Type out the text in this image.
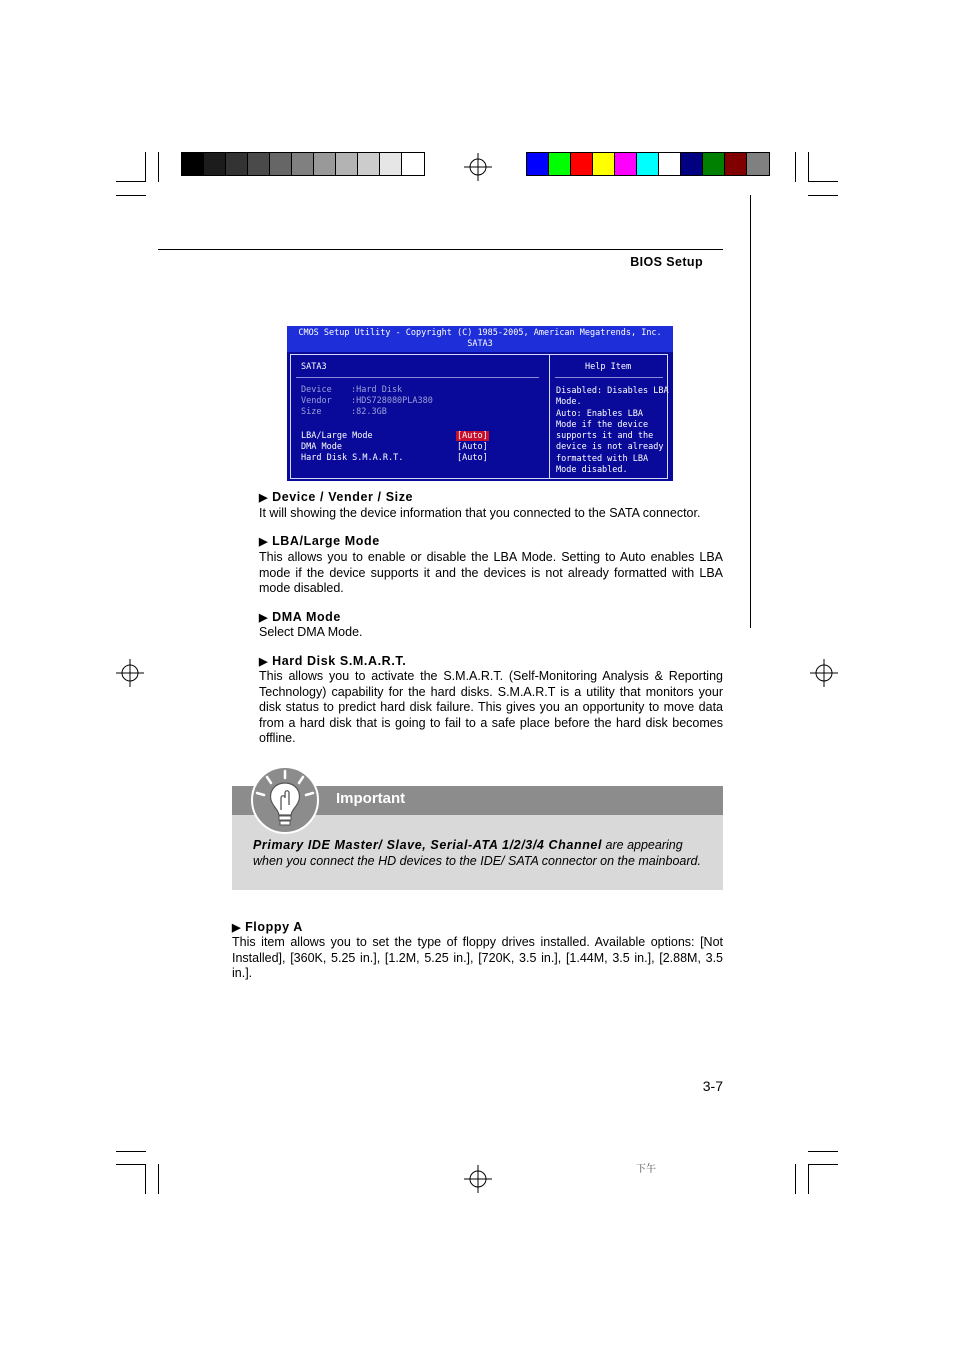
BIOS Setup
CMOS Setup Utility - Copyright (C) 1985-2005, American Megatrends, Inc.
SATA3
SATA3	Help Item
Device :Hard Disk
Vendor :HDS728080PLA380
Size	:82.3GB
LBA/Large Mode	[Auto]
DMA Mode	[Auto]
Hard Disk S.M.A.R.T.	[Auto]
Disabled: Disables LBA
Mode.
Auto: Enables LBA
Mode if the device
supports it and the
device is not already
formatted with LBA
Mode disabled.
▶ Device / Vender / Size
It will showing the device information that you connected to the SATA connector.
▶ LBA/Large Mode
This allows you to enable or disable the LBA Mode. Setting to Auto enables LBA mode if the device supports it and the devices is not already formatted with LBA mode disabled.
▶ DMA Mode
Select DMA Mode.
▶ Hard Disk S.M.A.R.T.
This allows you to activate the S.M.A.R.T. (Self-Monitoring Analysis & Reporting Technology) capability for the hard disks. S.M.A.R.T is a utility that monitors your disk status to predict hard disk failure. This gives you an opportunity to move data from a hard disk that is going to fail to a safe place before the hard disk becomes offline.
Important
Primary IDE Master/ Slave, Serial-ATA 1/2/3/4 Channel are appearing when you connect the HD devices to the IDE/ SATA connector on the mainboard.
▶ Floppy A
This item allows you to set the type of floppy drives installed. Available options: [Not Installed], [360K, 5.25 in.], [1.2M, 5.25 in.], [720K, 3.5 in.], [1.44M, 3.5 in.], [2.88M, 3.5 in.].
3-7
下午
